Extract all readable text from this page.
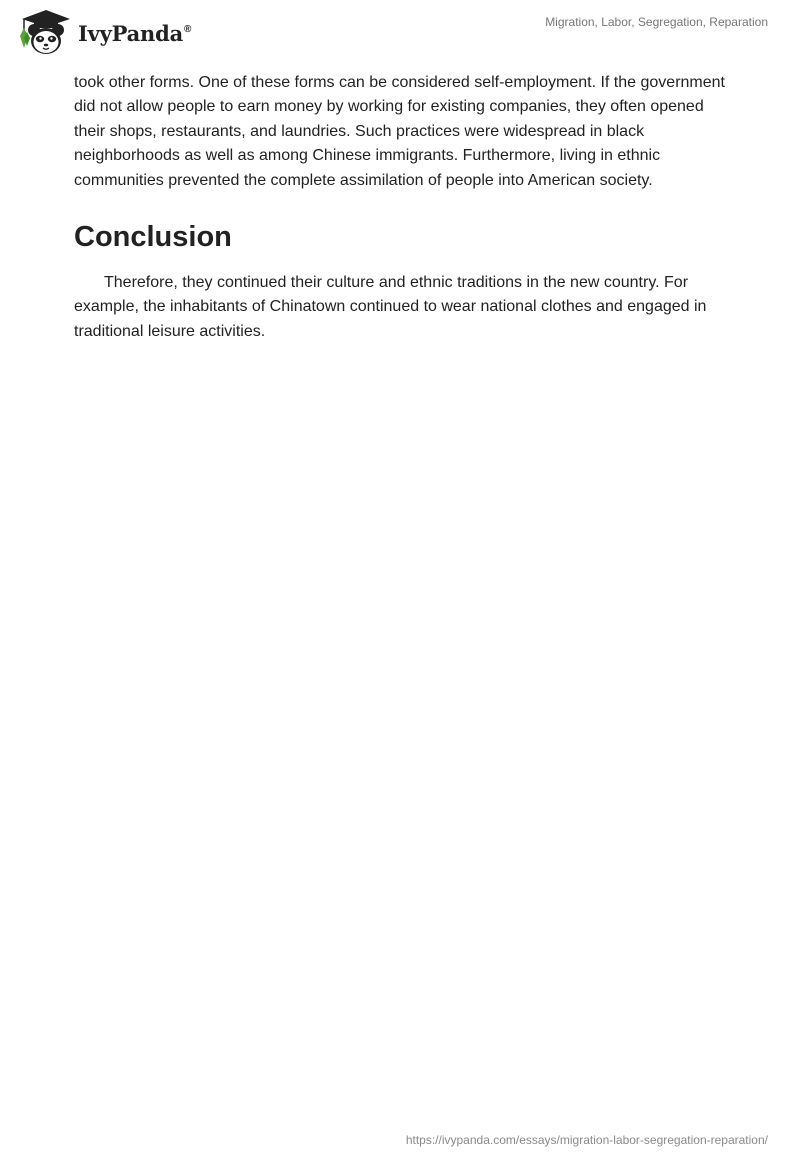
IvyPanda®	Migration, Labor, Segregation, Reparation

took other forms. One of these forms can be considered self-employment. If the government did not allow people to earn money by working for existing companies, they often opened their shops, restaurants, and laundries. Such practices were widespread in black neighborhoods as well as among Chinese immigrants. Furthermore, living in ethnic communities prevented the complete assimilation of people into American society.

Conclusion

Therefore, they continued their culture and ethnic traditions in the new country. For example, the inhabitants of Chinatown continued to wear national clothes and engaged in traditional leisure activities.

https://ivypanda.com/essays/migration-labor-segregation-reparation/
